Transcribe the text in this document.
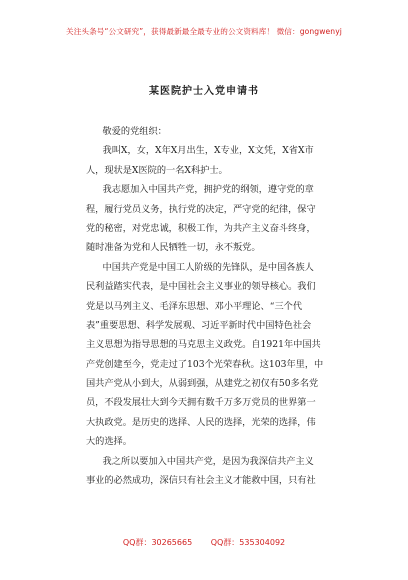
关注头条号“公文研究”，获得最新最全最专业的公文资料库！ 微信：gongwenyj
某医院护士入党申请书
敬爱的党组织：
我叫X，女，X年X月出生，X专业，X文凭，X省X市
人，现状是X医院的一名X科护士。
我志愿加入中国共产党，拥护党的纲领，遵守党的章
程，履行党员义务，执行党的决定，严守党的纪律，保守
党的秘密，对党忠诚，积极工作，为共产主义奋斗终身，
随时准备为党和人民牺牲一切，永不叛党。
中国共产党是中国工人阶级的先锋队，是中国各族人
民利益踏实代表，是中国社会主义事业的领导核心。我们
党是以马列主义、毛泽东思想、邓小平理论、“三个代
表”重要思想、科学发展观、习近平新时代中国特色社会
主义思想为指导思想的马克思主义政党。自1921年中国共
产党创建至今，党走过了103个光荣春秋。这103年里，中
国共产党从小到大，从弱到强，从建党之初仅有50多名党
员，不段发展壮大到今天拥有数千万多万党员的世界第一
大执政党。是历史的选择、人民的选择，光荣的选择，伟
大的选择。
我之所以要加入中国共产党，是因为我深信共产主义
事业的必然成功，深信只有社会主义才能救中国，只有社
QQ群：30265665 QQ群：535304092
